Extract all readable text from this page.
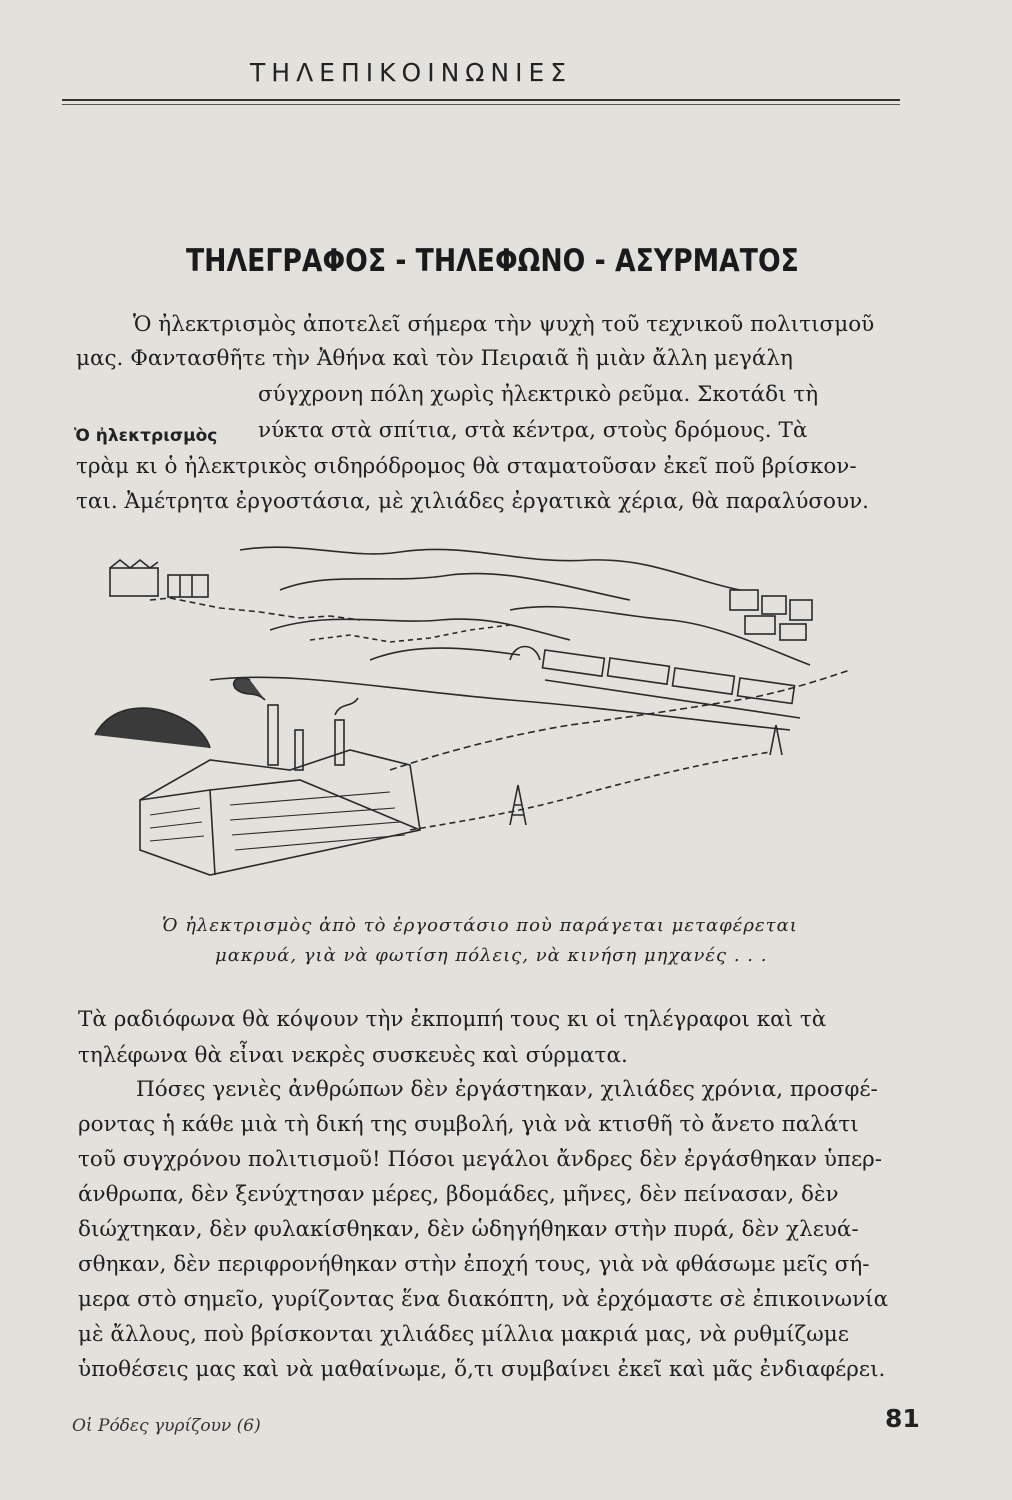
ΤΗΛΕΠΙΚΟΙΝΩΝΙΕΣ
ΤΗΛΕΓΡΑΦΟΣ - ΤΗΛΕΦΩΝΟ - ΑΣΥΡΜΑΤΟΣ
Ὁ ἠλεκτρισμὸς ἀποτελεῖ σήμερα τὴν ψυχὴ τοῦ τεχνικοῦ πολιτισμοῦ
μας. Φαντασθῆτε τὴν Ἀθήνα καὶ τὸν Πειραιᾶ ἢ μιὰν ἄλλη μεγάλη
σύγχρονη πόλη χωρὶς ἠλεκτρικὸ ρεῦμα. Σκοτάδι τὴ
Ὁ ἠλεκτρισμὸς νύκτα στὰ σπίτια, στὰ κέντρα, στοὺς δρόμους. Τὰ
τρὰμ κι ὁ ἠλεκτρικὸς σιδηρόδρομος θὰ σταματοῦσαν ἐκεῖ ποῦ βρίσκον-
ται. Ἀμέτρητα ἐργοστάσια, μὲ χιλιάδες ἐργατικὰ χέρια, θὰ παραλύσουν.
Ὁ ἠλεκτρισμὸς ἀπὸ τὸ ἐργοστάσιο ποὺ παράγεται μεταφέρεται
μακρυά, γιὰ νὰ φωτίση πόλεις, νὰ κινήση μηχανές . . .
Τὰ ραδιόφωνα θὰ κόψουν τὴν ἐκπομπή τους κι οἱ τηλέγραφοι καὶ τὰ
τηλέφωνα θὰ εἶναι νεκρὲς συσκευὲς καὶ σύρματα.
Πόσες γενιὲς ἀνθρώπων δὲν ἐργάστηκαν, χιλιάδες χρόνια, προσφέ-
ροντας ἡ κάθε μιὰ τὴ δική της συμβολή, γιὰ νὰ κτισθῆ τὸ ἄνετο παλάτι
τοῦ συγχρόνου πολιτισμοῦ! Πόσοι μεγάλοι ἄνδρες δὲν ἐργάσθηκαν ὑπερ-
άνθρωπα, δὲν ξενύχτησαν μέρες, βδομάδες, μῆνες, δὲν πείνασαν, δὲν
διώχτηκαν, δὲν φυλακίσθηκαν, δὲν ὡδηγήθηκαν στὴν πυρά, δὲν χλευά-
σθηκαν, δὲν περιφρονήθηκαν στὴν ἐποχή τους, γιὰ νὰ φθάσωμε μεῖς σή-
μερα στὸ σημεῖο, γυρίζοντας ἕνα διακόπτη, νὰ ἐρχόμαστε σὲ ἐπικοινωνία
μὲ ἄλλους, ποὺ βρίσκονται χιλιάδες μίλλια μακριά μας, νὰ ρυθμίζωμε
ὑποθέσεις μας καὶ νὰ μαθαίνωμε, ὅ,τι συμβαίνει ἐκεῖ καὶ μᾶς ἐνδιαφέρει.
Οἱ Ρόδες γυρίζουν (6)	81
